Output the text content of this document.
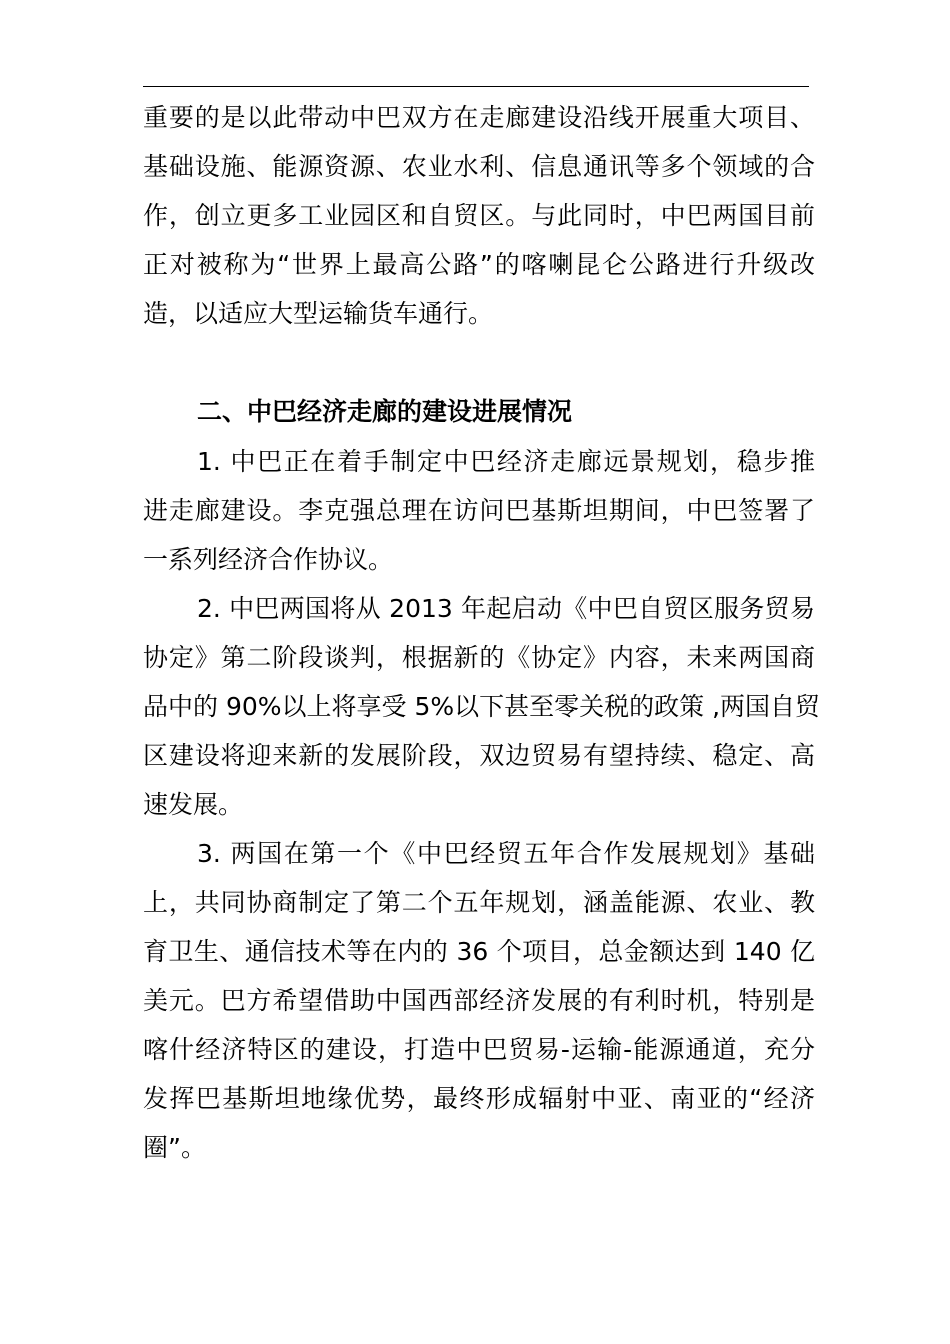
重要的是以此带动中巴双方在走廊建设沿线开展重大项目、
基础设施、能源资源、农业水利、信息通讯等多个领域的合
作，创立更多工业园区和自贸区。与此同时，中巴两国目前
正对被称为“世界上最高公路”的喀喇昆仑公路进行升级改
造，以适应大型运输货车通行。
二、中巴经济走廊的建设进展情况
1. 中巴正在着手制定中巴经济走廊远景规划，稳步推
进走廊建设。李克强总理在访问巴基斯坦期间，中巴签署了
一系列经济合作协议。
2. 中巴两国将从 2013 年起启动《中巴自贸区服务贸易
协定》第二阶段谈判，根据新的《协定》内容，未来两国商
品中的 90%以上将享受 5%以下甚至零关税的政策 ,两国自贸
区建设将迎来新的发展阶段，双边贸易有望持续、稳定、高
速发展。
3. 两国在第一个《中巴经贸五年合作发展规划》基础
上，共同协商制定了第二个五年规划，涵盖能源、农业、教
育卫生、通信技术等在内的 36 个项目，总金额达到 140 亿
美元。巴方希望借助中国西部经济发展的有利时机，特别是
喀什经济特区的建设，打造中巴贸易-运输-能源通道，充分
发挥巴基斯坦地缘优势，最终形成辐射中亚、南亚的“经济
圈”。
